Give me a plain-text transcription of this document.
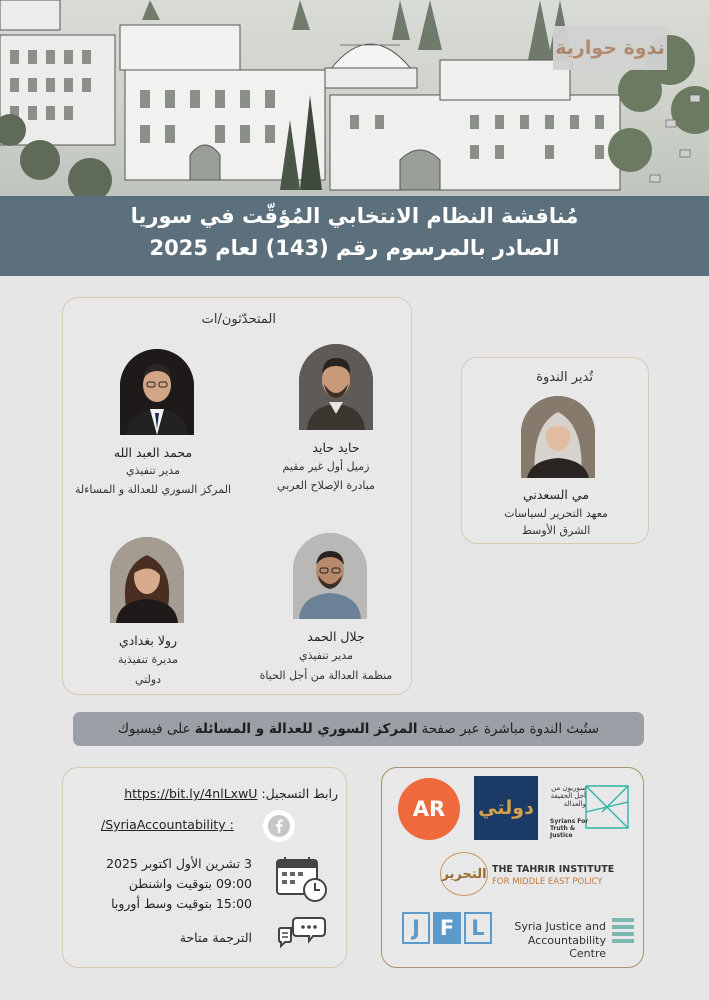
ندوة حوارية
مُناقشة النظام الانتخابي المُؤقّت في سوريا
الصادر بالمرسوم رقم (143) لعام 2025
المتحدّثون/ات
حايد حايد
زميل أول غير مقيم
مبادرة الإصلاح العربي
محمد العبد الله
مدير تنفيذي
المركز السوري للعدالة و المساءلة
جلال الحمد
مدير تنفيذي
منظمة العدالة من أجل الحياة
رولا بغدادي
مديرة تنفيذية
دولتي
تُدير الندوة
مي السعدني
معهد التحرير لسياسات
الشرق الأوسط
ستُبث الندوة مباشرة عبر صفحة
المركز السوري للعدالة و المسائلة
على فيسبوك
رابط التسجيل: https://bit.ly/4nlLxwU
/SyriaAccountability :
3 تشرين الأول اكتوبر 2025
09:00 بتوقيت واشنطن
15:00 بتوقيت وسط أوروبا
الترجمة متاحة
AR دولتي
سوريون من أجل الحقيقة والعدالة
Syrians For Truth & Justice
التحرير THE TAHRIR INSTITUTE
FOR MIDDLE EAST POLICY
J F L	Syria Justice and
Accountability Centre
